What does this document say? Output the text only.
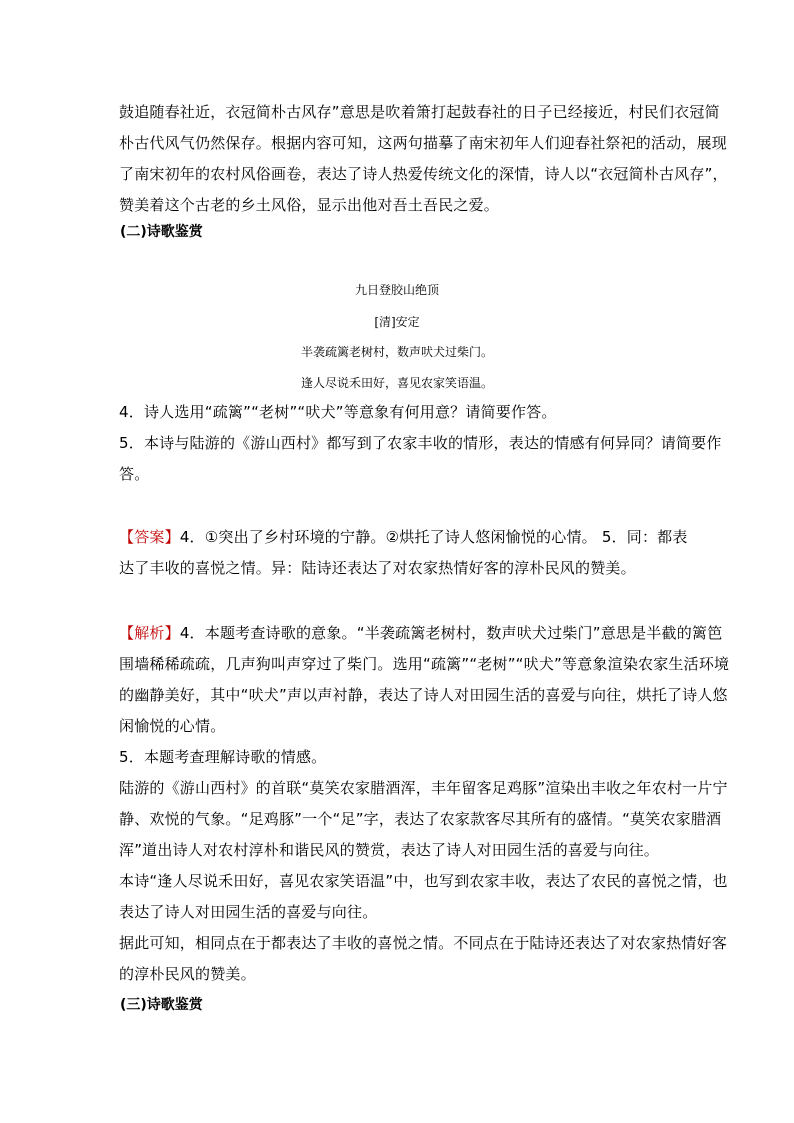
鼓追随春社近，衣冠简朴古风存”意思是吹着箫打起鼓春社的日子已经接近，村民们衣冠简
朴古代风气仍然保存。根据内容可知，这两句描摹了南宋初年人们迎春社祭祀的活动，展现
了南宋初年的农村风俗画卷，表达了诗人热爱传统文化的深情，诗人以“衣冠简朴古风存”，
赞美着这个古老的乡土风俗，显示出他对吾土吾民之爱。
(二)诗歌鉴赏
九日登胶山绝顶
[清]安定
半袭疏篱老树村，数声吠犬过柴门。
逢人尽说禾田好，喜见农家笑语温。
4．诗人选用“疏篱”“老树”“吠犬”等意象有何用意？请简要作答。
5．本诗与陆游的《游山西村》都写到了农家丰收的情形，表达的情感有何异同？请简要作
答。
【答案】4．①突出了乡村环境的宁静。②烘托了诗人悠闲愉悦的心情。 5．同：都表
达了丰收的喜悦之情。异：陆诗还表达了对农家热情好客的淳朴民风的赞美。
【解析】4．本题考查诗歌的意象。“半袭疏篱老树村，数声吠犬过柴门”意思是半截的篱笆
围墙稀稀疏疏，几声狗叫声穿过了柴门。选用“疏篱”“老树”“吠犬”等意象渲染农家生活环境
的幽静美好，其中“吠犬”声以声衬静，表达了诗人对田园生活的喜爱与向往，烘托了诗人悠
闲愉悦的心情。
5．本题考查理解诗歌的情感。
陆游的《游山西村》的首联“莫笑农家腊酒浑，丰年留客足鸡豚”渲染出丰收之年农村一片宁
静、欢悦的气象。“足鸡豚”一个“足”字，表达了农家款客尽其所有的盛情。“莫笑农家腊酒
浑”道出诗人对农村淳朴和谐民风的赞赏，表达了诗人对田园生活的喜爱与向往。
本诗“逢人尽说禾田好，喜见农家笑语温”中，也写到农家丰收，表达了农民的喜悦之情，也
表达了诗人对田园生活的喜爱与向往。
据此可知，相同点在于都表达了丰收的喜悦之情。不同点在于陆诗还表达了对农家热情好客
的淳朴民风的赞美。
(三)诗歌鉴赏
